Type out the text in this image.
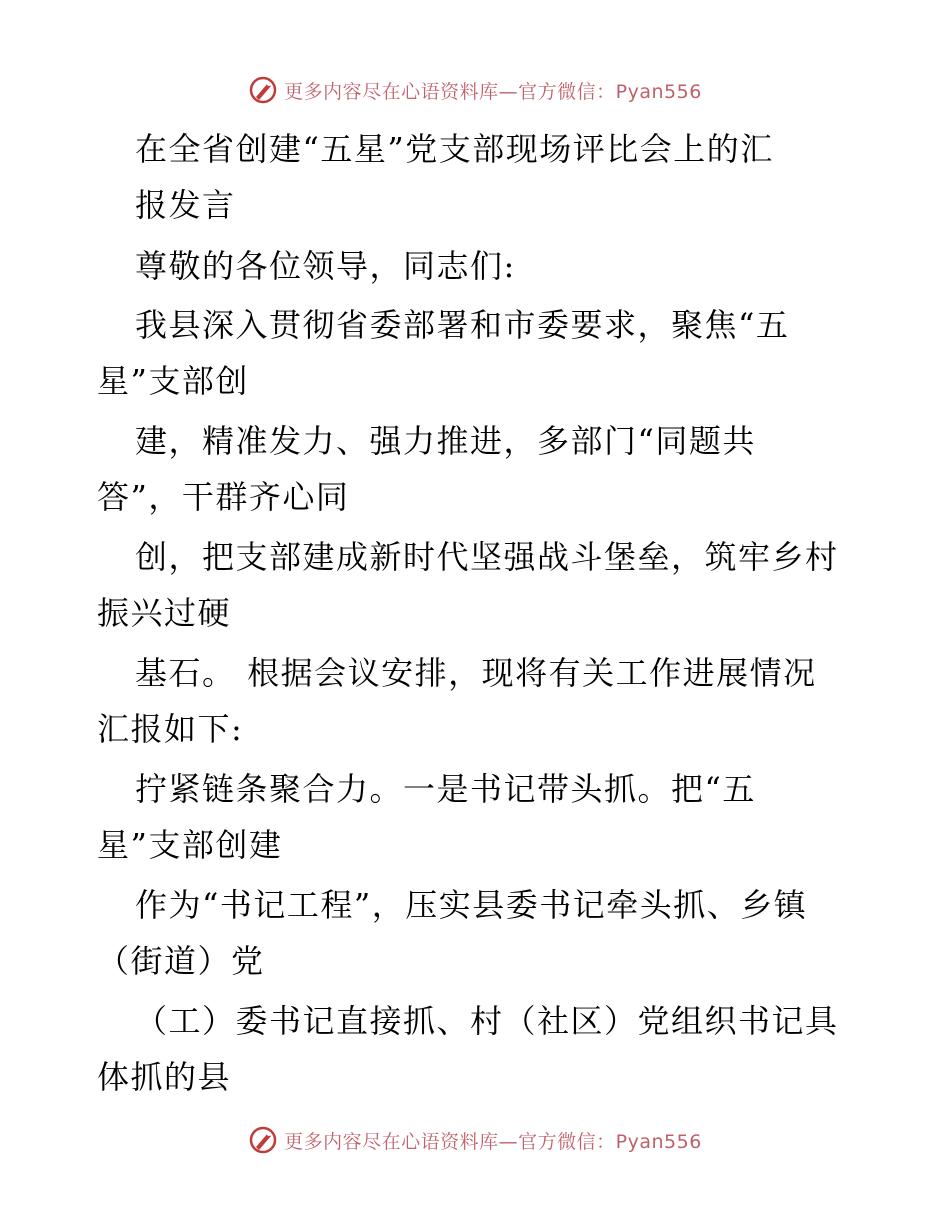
更多内容尽在心语资料库—官方微信：Pyan556
在全省创建“五星”党支部现场评比会上的汇
报发言
尊敬的各位领导，同志们:
我县深入贯彻省委部署和市委要求，聚焦“五
星”支部创
建，精准发力、强力推进，多部门“同题共
答”，干群齐心同
创，把支部建成新时代坚强战斗堡垒，筑牢乡村
振兴过硬
基石。 根据会议安排，现将有关工作进展情况
汇报如下:
拧紧链条聚合力。一是书记带头抓。把“五
星”支部创建
作为“书记工程”，压实县委书记牵头抓、乡镇
（街道）党
（工）委书记直接抓、村（社区）党组织书记具
体抓的县
更多内容尽在心语资料库—官方微信：Pyan556
